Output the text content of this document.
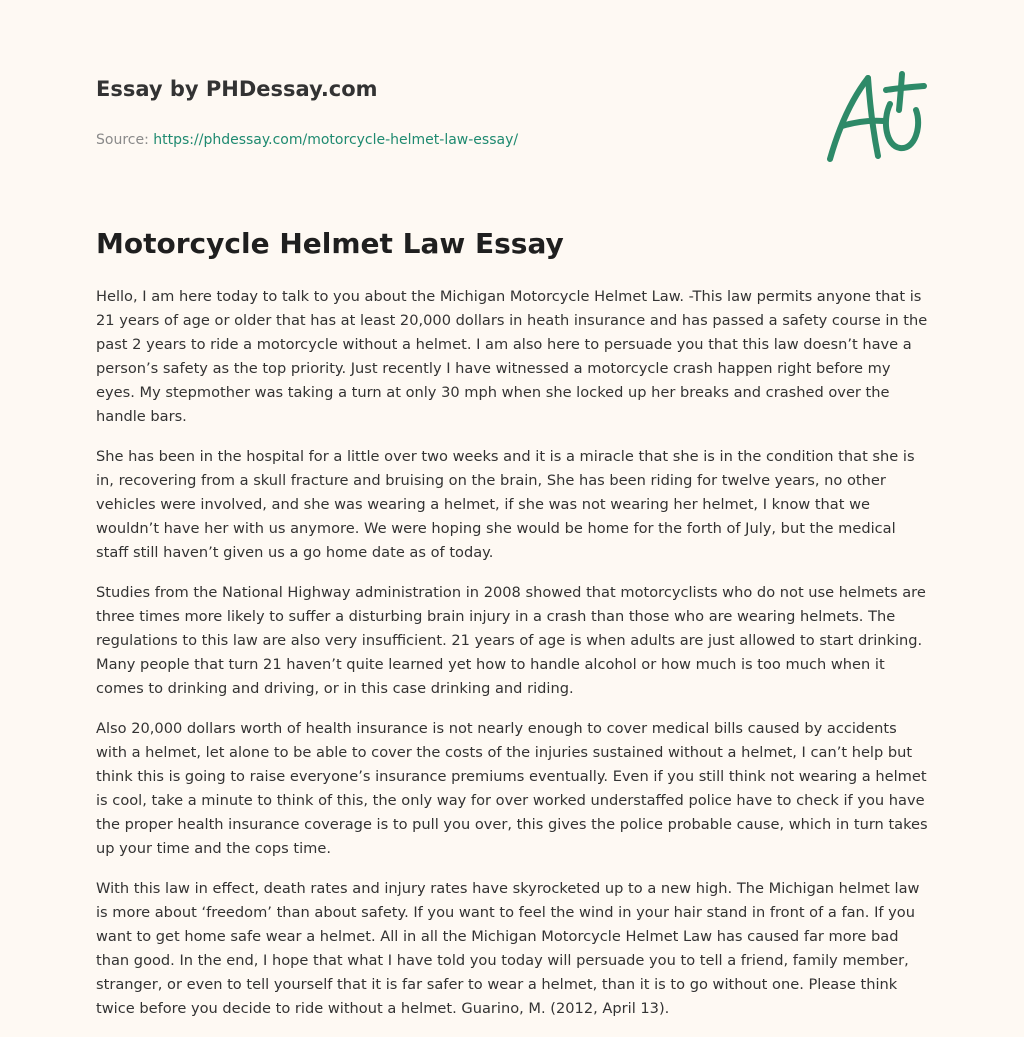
Essay by PHDessay.com
Source: https://phdessay.com/motorcycle-helmet-law-essay/
Motorcycle Helmet Law Essay

Hello, I am here today to talk to you about the Michigan Motorcycle Helmet Law. -This law permits anyone that is 21 years of age or older that has at least 20,000 dollars in heath insurance and has passed a safety course in the past 2 years to ride a motorcycle without a helmet. I am also here to persuade you that this law doesn’t have a person’s safety as the top priority. Just recently I have witnessed a motorcycle crash happen right before my eyes. My stepmother was taking a turn at only 30 mph when she locked up her breaks and crashed over the handle bars.

She has been in the hospital for a little over two weeks and it is a miracle that she is in the condition that she is in, recovering from a skull fracture and bruising on the brain, She has been riding for twelve years, no other vehicles were involved, and she was wearing a helmet, if she was not wearing her helmet, I know that we wouldn’t have her with us anymore. We were hoping she would be home for the forth of July, but the medical staff still haven’t given us a go home date as of today.

Studies from the National Highway administration in 2008 showed that motorcyclists who do not use helmets are three times more likely to suffer a disturbing brain injury in a crash than those who are wearing helmets. The regulations to this law are also very insufficient. 21 years of age is when adults are just allowed to start drinking. Many people that turn 21 haven’t quite learned yet how to handle alcohol or how much is too much when it comes to drinking and driving, or in this case drinking and riding.

Also 20,000 dollars worth of health insurance is not nearly enough to cover medical bills caused by accidents with a helmet, let alone to be able to cover the costs of the injuries sustained without a helmet, I can’t help but think this is going to raise everyone’s insurance premiums eventually. Even if you still think not wearing a helmet is cool, take a minute to think of this, the only way for over worked understaffed police have to check if you have the proper health insurance coverage is to pull you over, this gives the police probable cause, which in turn takes up your time and the cops time.

With this law in effect, death rates and injury rates have skyrocketed up to a new high. The Michigan helmet law is more about ‘freedom’ than about safety. If you want to feel the wind in your hair stand in front of a fan. If you want to get home safe wear a helmet. All in all the Michigan Motorcycle Helmet Law has caused far more bad than good. In the end, I hope that what I have told you today will persuade you to tell a friend, family member, stranger, or even to tell yourself that it is far safer to wear a helmet, than it is to go without one. Please think twice before you decide to ride without a helmet. Guarino, M. (2012, April 13).
